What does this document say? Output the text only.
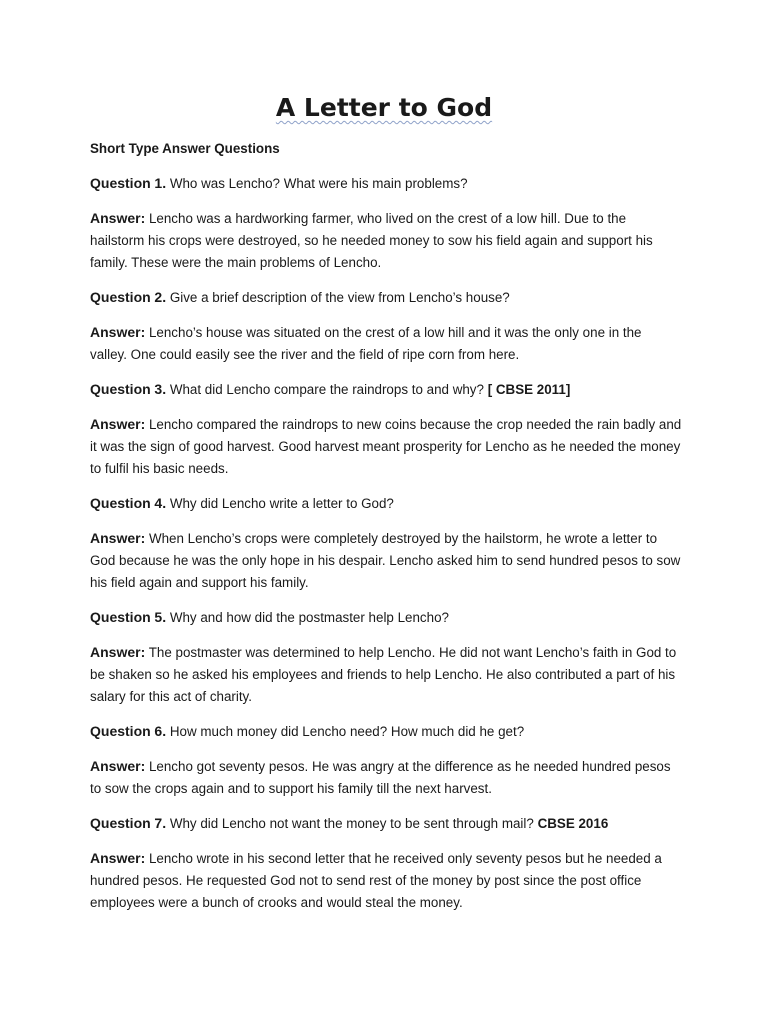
A Letter to God

Short Type Answer Questions

Question 1. Who was Lencho? What were his main problems?

Answer: Lencho was a hardworking farmer, who lived on the crest of a low hill. Due to the hailstorm his crops were destroyed, so he needed money to sow his field again and support his family. These were the main problems of Lencho.

Question 2. Give a brief description of the view from Lencho’s house?

Answer: Lencho’s house was situated on the crest of a low hill and it was the only one in the valley. One could easily see the river and the field of ripe corn from here.

Question 3. What did Lencho compare the raindrops to and why? [ CBSE 2011]

Answer: Lencho compared the raindrops to new coins because the crop needed the rain badly and it was the sign of good harvest. Good harvest meant prosperity for Lencho as he needed the money to fulfil his basic needs.

Question 4. Why did Lencho write a letter to God?

Answer: When Lencho’s crops were completely destroyed by the hailstorm, he wrote a letter to God because he was the only hope in his despair. Lencho asked him to send hundred pesos to sow his field again and support his family.

Question 5. Why and how did the postmaster help Lencho?

Answer: The postmaster was determined to help Lencho. He did not want Lencho’s faith in God to be shaken so he asked his employees and friends to help Lencho. He also contributed a part of his salary for this act of charity.

Question 6. How much money did Lencho need? How much did he get?

Answer: Lencho got seventy pesos. He was angry at the difference as he needed hundred pesos to sow the crops again and to support his family till the next harvest.

Question 7. Why did Lencho not want the money to be sent through mail? CBSE 2016

Answer: Lencho wrote in his second letter that he received only seventy pesos but he needed a hundred pesos. He requested God not to send rest of the money by post since the post office employees were a bunch of crooks and would steal the money.
